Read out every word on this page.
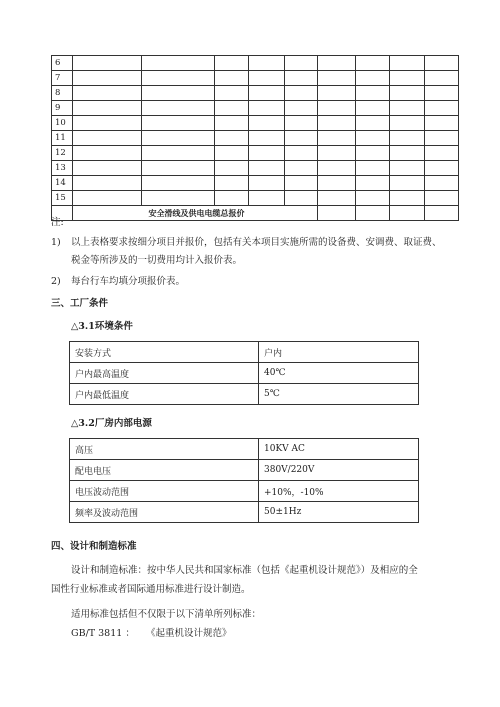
6									
7									
8									
9									
10									
11									
12									
13									
14									
15									
	安全滑线及供电电缆总报价								
注:
1) 以上表格要求按细分项目并报价，包括有关本项目实施所需的设备费、安调费、取证费、
税金等所涉及的一切费用均计入报价表。
2) 每台行车均填分项报价表。
三、工厂条件
△3.1环境条件
安装方式	户内
户内最高温度	40℃
户内最低温度	5℃
△3.2厂房内部电源
高压	10KV AC
配电电压	380V/220V
电压波动范围	+10%，-10%
频率及波动范围	50±1Hz
四、设计和制造标准
设计和制造标准：按中华人民共和国家标准（包括《起重机设计规范》）及相应的全
国性行业标准或者国际通用标准进行设计制造。
适用标准包括但不仅限于以下清单所列标准：
GB/T 3811 ： 《起重机设计规范》
